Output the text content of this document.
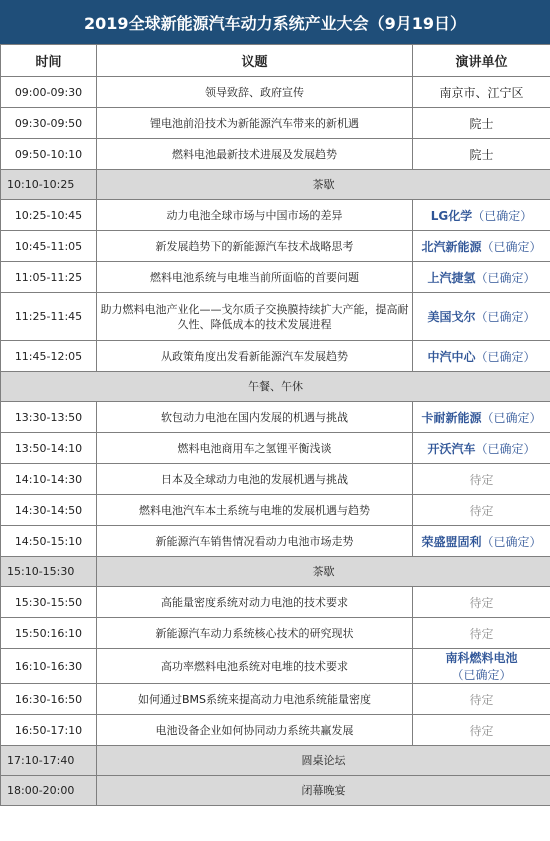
2019全球新能源汽车动力系统产业大会（9月19日）
时间	议题	演讲单位
09:00-09:30	领导致辞、政府宣传	南京市、江宁区
09:30-09:50	锂电池前沿技术为新能源汽车带来的新机遇	院士
09:50-10:10	燃料电池最新技术进展及发展趋势	院士
10:10-10:25	茶歇	
10:25-10:45	动力电池全球市场与中国市场的差异	LG化学（已确定）
10:45-11:05	新发展趋势下的新能源汽车技术战略思考	北汽新能源（已确定）
11:05-11:25	燃料电池系统与电堆当前所面临的首要问题	上汽捷氢（已确定）
11:25-11:45	助力燃料电池产业化——戈尔质子交换膜持续扩大产能，提高耐久性、降低成本的技术发展进程	美国戈尔（已确定）
11:45-12:05	从政策角度出发看新能源汽车发展趋势	中汽中心（已确定）
午餐、午休		
13:30-13:50	软包动力电池在国内发展的机遇与挑战	卡耐新能源（已确定）
13:50-14:10	燃料电池商用车之氢锂平衡浅谈	开沃汽车（已确定）
14:10-14:30	日本及全球动力电池的发展机遇与挑战	待定
14:30-14:50	燃料电池汽车本土系统与电堆的发展机遇与趋势	待定
14:50-15:10	新能源汽车销售情况看动力电池市场走势	荣盛盟固利（已确定）
15:10-15:30	茶歇	
15:30-15:50	高能量密度系统对动力电池的技术要求	待定
15:50:16:10	新能源汽车动力系统核心技术的研究现状	待定
16:10-16:30	高功率燃料电池系统对电堆的技术要求	南科燃料电池（已确定）
16:30-16:50	如何通过BMS系统来提高动力电池系统能量密度	待定
16:50-17:10	电池设备企业如何协同动力系统共赢发展	待定
17:10-17:40	圆桌论坛	
18:00-20:00	闭幕晚宴	
